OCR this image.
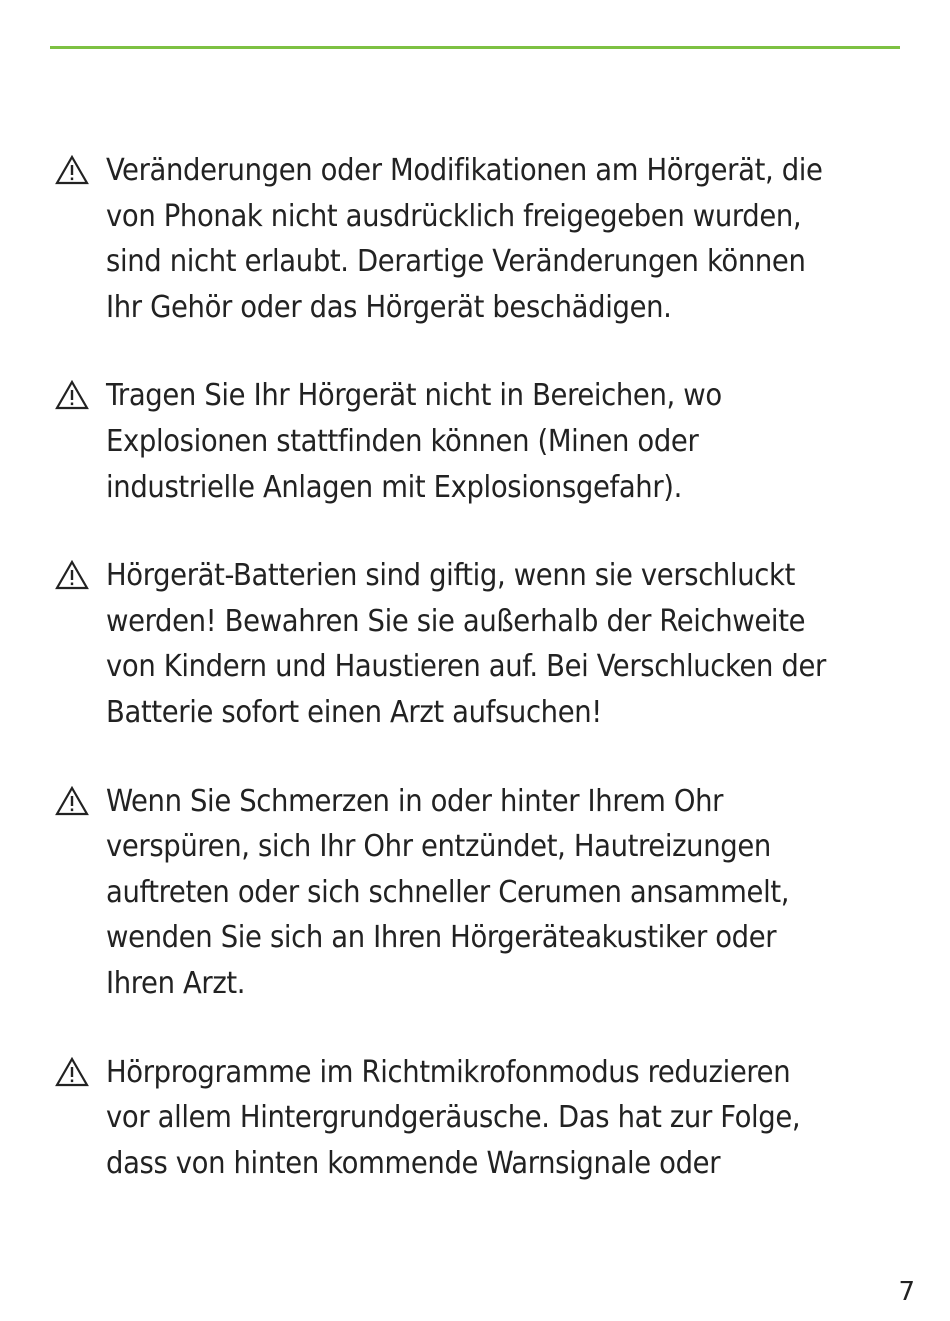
Veränderungen oder Modifikationen am Hörgerät, die
von Phonak nicht ausdrücklich freigegeben wurden,
sind nicht erlaubt. Derartige Veränderungen können
Ihr Gehör oder das Hörgerät beschädigen.

Tragen Sie Ihr Hörgerät nicht in Bereichen, wo
Explosionen stattfinden können (Minen oder
industrielle Anlagen mit Explosionsgefahr).

Hörgerät-Batterien sind giftig, wenn sie verschluckt
werden! Bewahren Sie sie außerhalb der Reichweite
von Kindern und Haustieren auf. Bei Verschlucken der
Batterie sofort einen Arzt aufsuchen!

Wenn Sie Schmerzen in oder hinter Ihrem Ohr
verspüren, sich Ihr Ohr entzündet, Hautreizungen
auftreten oder sich schneller Cerumen ansammelt,
wenden Sie sich an Ihren Hörgeräteakustiker oder
Ihren Arzt.

Hörprogramme im Richtmikrofonmodus reduzieren
vor allem Hintergrundgeräusche. Das hat zur Folge,
dass von hinten kommende Warnsignale oder

7
